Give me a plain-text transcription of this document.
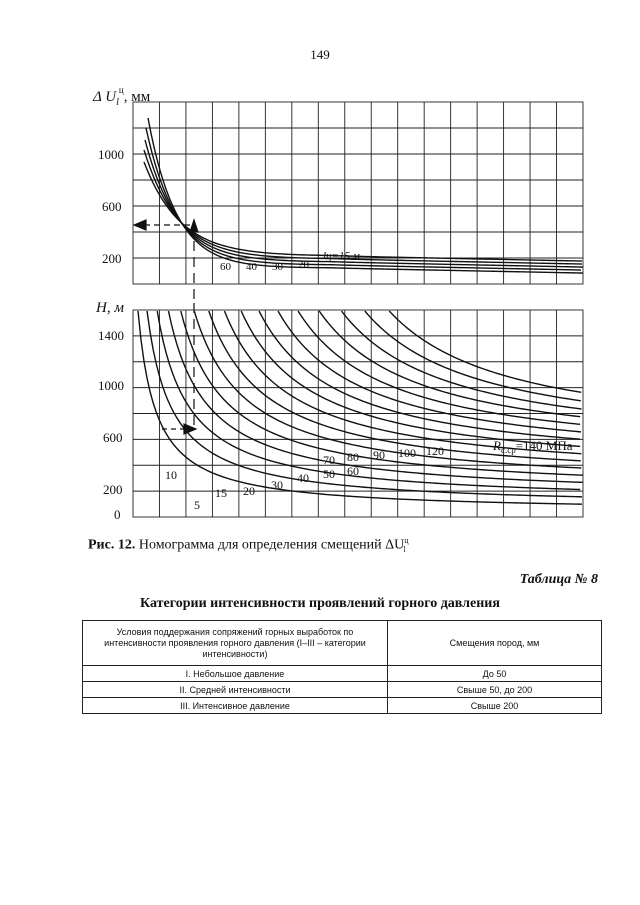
149
Δ $U_l^ц$, мм
1000
600
200
60 40 30 20
lц=15 м
H, м
1400
1000
600
200
0
5
10
15 20 30 40 50 60
70 80 90 100 120	$R_{с.ср}=140$ МПа
Рис. 12. Номограмма для определения смещений $\Delta U^ц_l$
Таблица № 8
Категории интенсивности проявлений горного давления
Условия поддержания сопряжений горных выработок по интенсивности проявления горного давления (I–III – категории интенсивности)	Смещения пород, мм
I. Небольшое давление	До 50
II. Средней интенсивности	Свыше 50, до 200
III. Интенсивное давление	Свыше 200
